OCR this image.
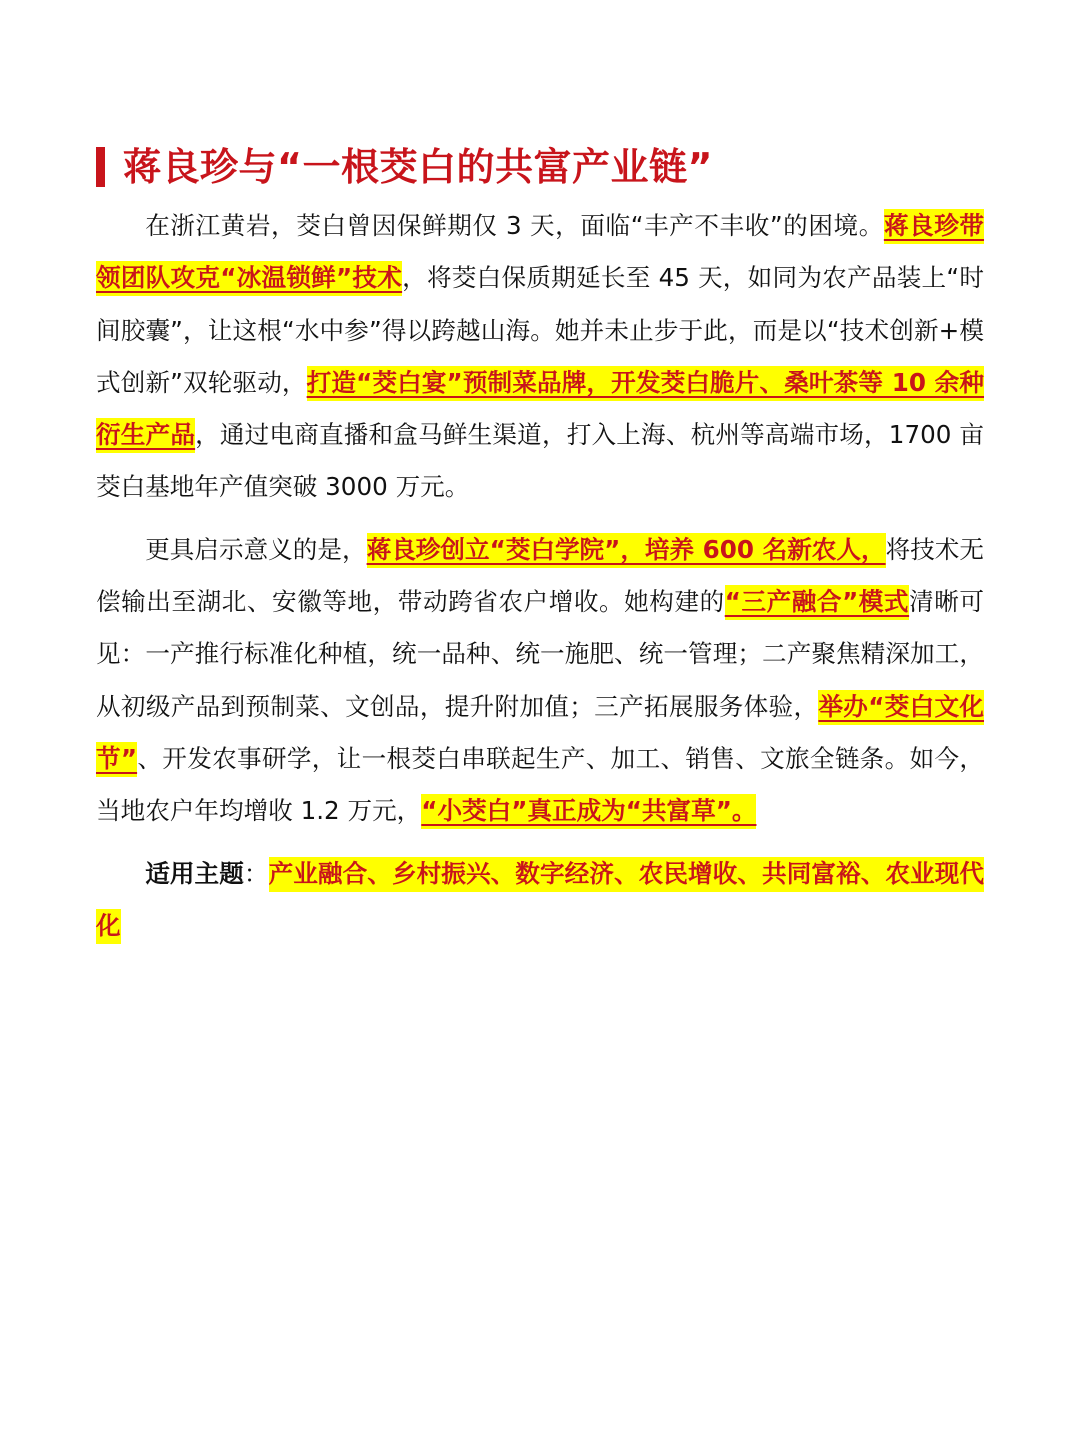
蒋良珍与“一根茭白的共富产业链”

在浙江黄岩，茭白曾因保鲜期仅 3 天，面临“丰产不丰收”的困境。蒋良珍带领团队攻克“冰温锁鲜”技术，将茭白保质期延长至 45 天，如同为农产品装上“时间胶囊”，让这根“水中参”得以跨越山海。她并未止步于此，而是以“技术创新+模式创新”双轮驱动，打造“茭白宴”预制菜品牌，开发茭白脆片、桑叶茶等 10 余种衍生产品，通过电商直播和盒马鲜生渠道，打入上海、杭州等高端市场，1700 亩茭白基地年产值突破 3000 万元。

更具启示意义的是，蒋良珍创立“茭白学院”，培养 600 名新农人，将技术无偿输出至湖北、安徽等地，带动跨省农户增收。她构建的“三产融合”模式清晰可见：一产推行标准化种植，统一品种、统一施肥、统一管理；二产聚焦精深加工，从初级产品到预制菜、文创品，提升附加值；三产拓展服务体验，举办“茭白文化节”、开发农事研学，让一根茭白串联起生产、加工、销售、文旅全链条。如今，当地农户年均增收 1.2 万元，“小茭白”真正成为“共富草”。

适用主题：产业融合、乡村振兴、数字经济、农民增收、共同富裕、农业现代化
